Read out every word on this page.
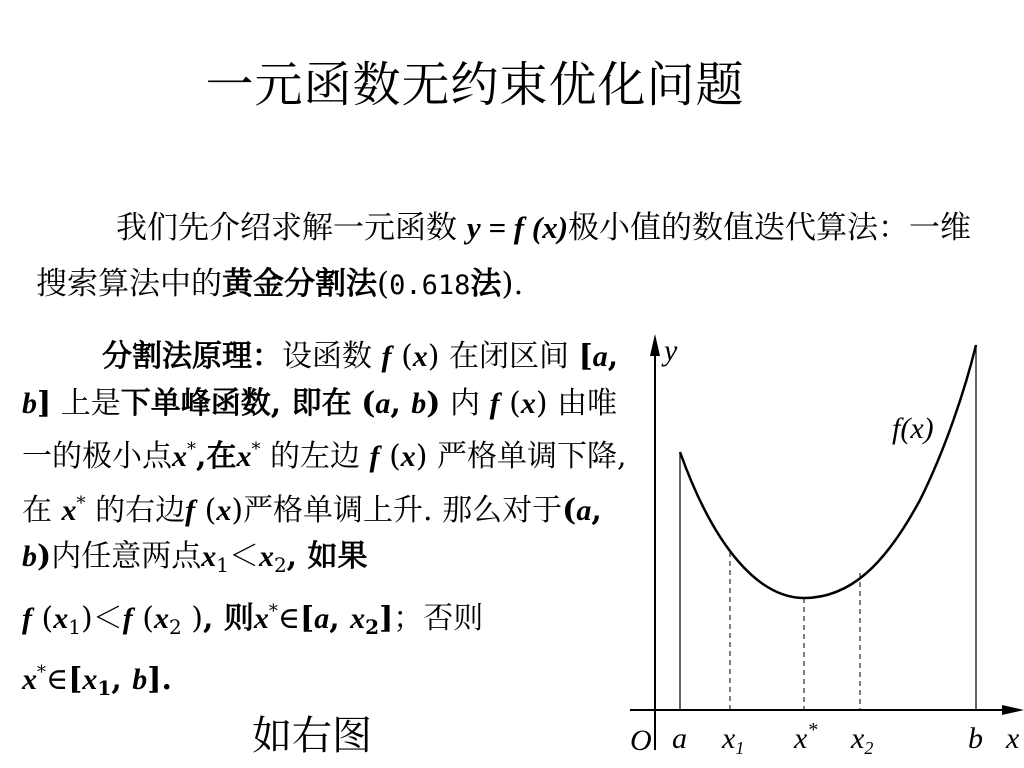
一元函数无约束优化问题
我们先介绍求解一元函数 y = f (x)极小值的数值迭代算法：一维搜索算法中的黄金分割法(0.618法).
分割法原理：设函数 f (x) 在闭区间 [a, b] 上是下单峰函数, 即在 (a, b) 内 f (x) 由唯一的极小点x*,在x* 的左边 f (x) 严格单调下降, 在 x* 的右边f (x)严格单调上升. 那么对于(a, b)内任意两点$x_1<x_2$, 如果
f $(x_1)<f$ ($x_2$ ), 则x*∈[a, $x_2$]；否则
$x^*\in[x_1$, b].
如右图
y
f(x)
O a $x_1$ x* $x_2$	b x
